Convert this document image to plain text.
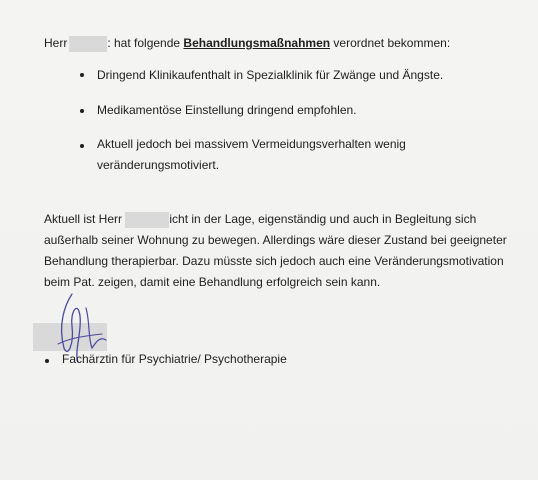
Herr	: hat folgende Behandlungsmaßnahmen verordnet bekommen:
Dringend Klinikaufenthalt in Spezialklinik für Zwänge und Ängste.
Medikamentöse Einstellung dringend empfohlen.
Aktuell jedoch bei massivem Vermeidungsverhalten wenig
veränderungsmotiviert.
Aktuell ist Herr	icht in der Lage, eigenständig und auch in Begleitung sich
außerhalb seiner Wohnung zu bewegen. Allerdings wäre dieser Zustand bei geeigneter
Behandlung therapierbar. Dazu müsste sich jedoch auch eine Veränderungsmotivation
beim Pat. zeigen, damit eine Behandlung erfolgreich sein kann.
Fachärztin für Psychiatrie/ Psychotherapie
